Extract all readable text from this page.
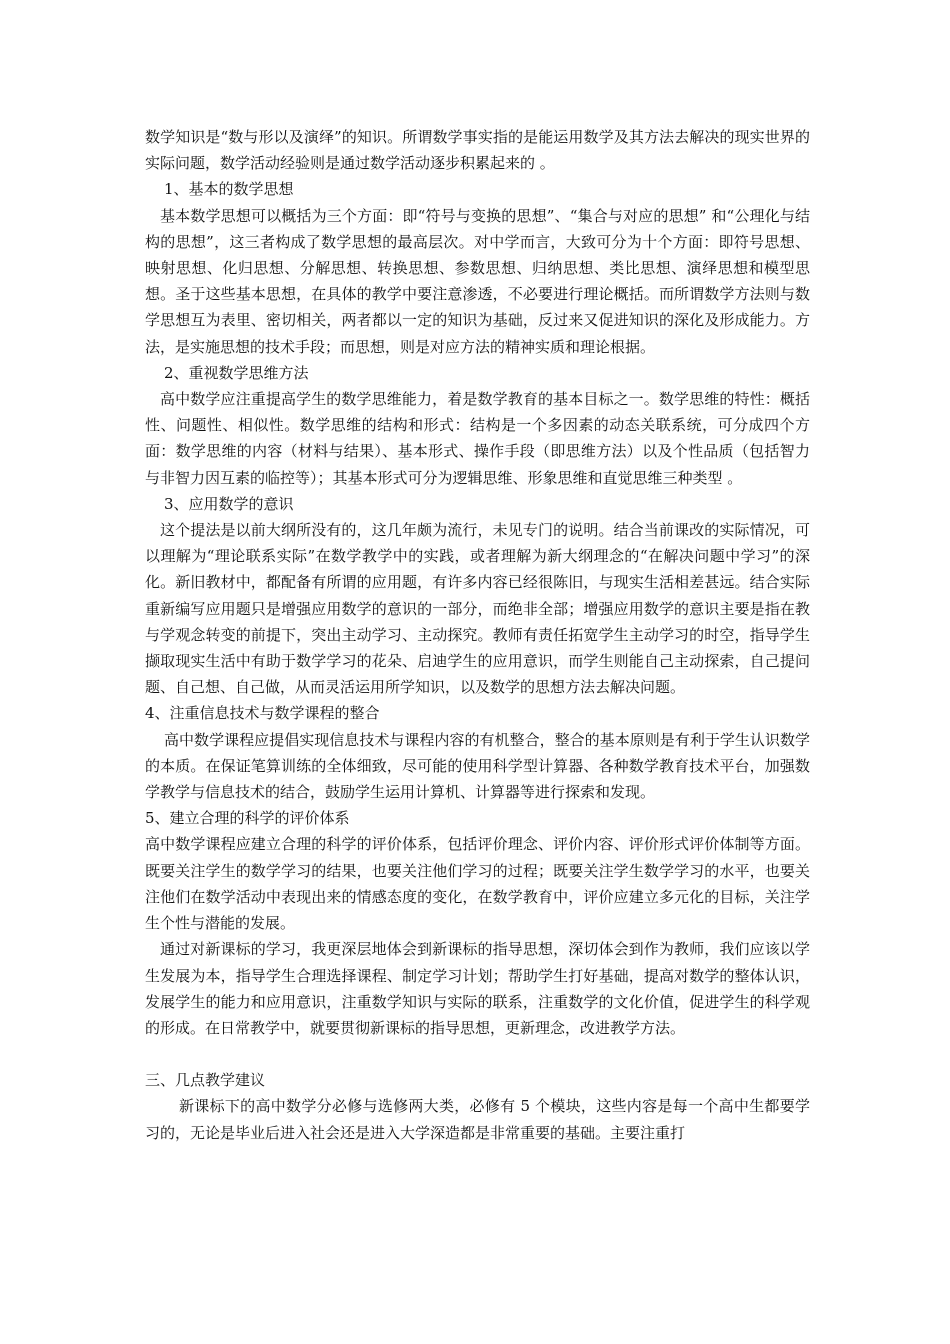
数学知识是“数与形以及演绎”的知识。所谓数学事实指的是能运用数学及其方法去解决的现实世界的实际问题，数学活动经验则是通过数学活动逐步积累起来的 。

1、基本的数学思想

基本数学思想可以概括为三个方面：即“符号与变换的思想”、“集合与对应的思想” 和“公理化与结构的思想”，这三者构成了数学思想的最高层次。对中学而言，大致可分为十个方面：即符号思想、映射思想、化归思想、分解思想、转换思想、参数思想、归纳思想、类比思想、演绎思想和模型思想。圣于这些基本思想，在具体的教学中要注意渗透，不必要进行理论概括。而所谓数学方法则与数学思想互为表里、密切相关，两者都以一定的知识为基础，反过来又促进知识的深化及形成能力。方法，是实施思想的技术手段；而思想，则是对应方法的精神实质和理论根据。

2、重视数学思维方法

高中数学应注重提高学生的数学思维能力，着是数学教育的基本目标之一。数学思维的特性：概括性、问题性、相似性。数学思维的结构和形式：结构是一个多因素的动态关联系统，可分成四个方面：数学思维的内容（材料与结果）、基本形式、操作手段（即思维方法）以及个性品质（包括智力与非智力因互素的临控等）；其基本形式可分为逻辑思维、形象思维和直觉思维三种类型 。

3、应用数学的意识

这个提法是以前大纲所没有的，这几年颇为流行，未见专门的说明。结合当前课改的实际情况，可以理解为“理论联系实际”在数学教学中的实践，或者理解为新大纲理念的“在解决问题中学习”的深化。新旧教材中，都配备有所谓的应用题，有许多内容已经很陈旧，与现实生活相差甚远。结合实际重新编写应用题只是增强应用数学的意识的一部分，而绝非全部；增强应用数学的意识主要是指在教与学观念转变的前提下，突出主动学习、主动探究。教师有责任拓宽学生主动学习的时空，指导学生撷取现实生活中有助于数学学习的花朵、启迪学生的应用意识，而学生则能自己主动探索，自己提问题、自己想、自己做，从而灵活运用所学知识，以及数学的思想方法去解决问题。

4、注重信息技术与数学课程的整合

高中数学课程应提倡实现信息技术与课程内容的有机整合，整合的基本原则是有利于学生认识数学的本质。在保证笔算训练的全体细致，尽可能的使用科学型计算器、各种数学教育技术平台，加强数学教学与信息技术的结合，鼓励学生运用计算机、计算器等进行探索和发现。

5、建立合理的科学的评价体系

高中数学课程应建立合理的科学的评价体系，包括评价理念、评价内容、评价形式评价体制等方面。既要关注学生的数学学习的结果，也要关注他们学习的过程；既要关注学生数学学习的水平，也要关注他们在数学活动中表现出来的情感态度的变化，在数学教育中，评价应建立多元化的目标，关注学 生个性与潜能的发展。

通过对新课标的学习，我更深层地体会到新课标的指导思想，深切体会到作为教师，我们应该以学生发展为本，指导学生合理选择课程、制定学习计划；帮助学生打好基础，提高对数学的整体认识，发展学生的能力和应用意识，注重数学知识与实际的联系，注重数学的文化价值，促进学生的科学观的形成。在日常教学中，就要贯彻新课标的指导思想，更新理念，改进教学方法。

三、几点教学建议

新课标下的高中数学分必修与选修两大类，必修有 5 个模块，这些内容是每一个高中生都要学习的，无论是毕业后进入社会还是进入大学深造都是非常重要的基础。主要注重打
